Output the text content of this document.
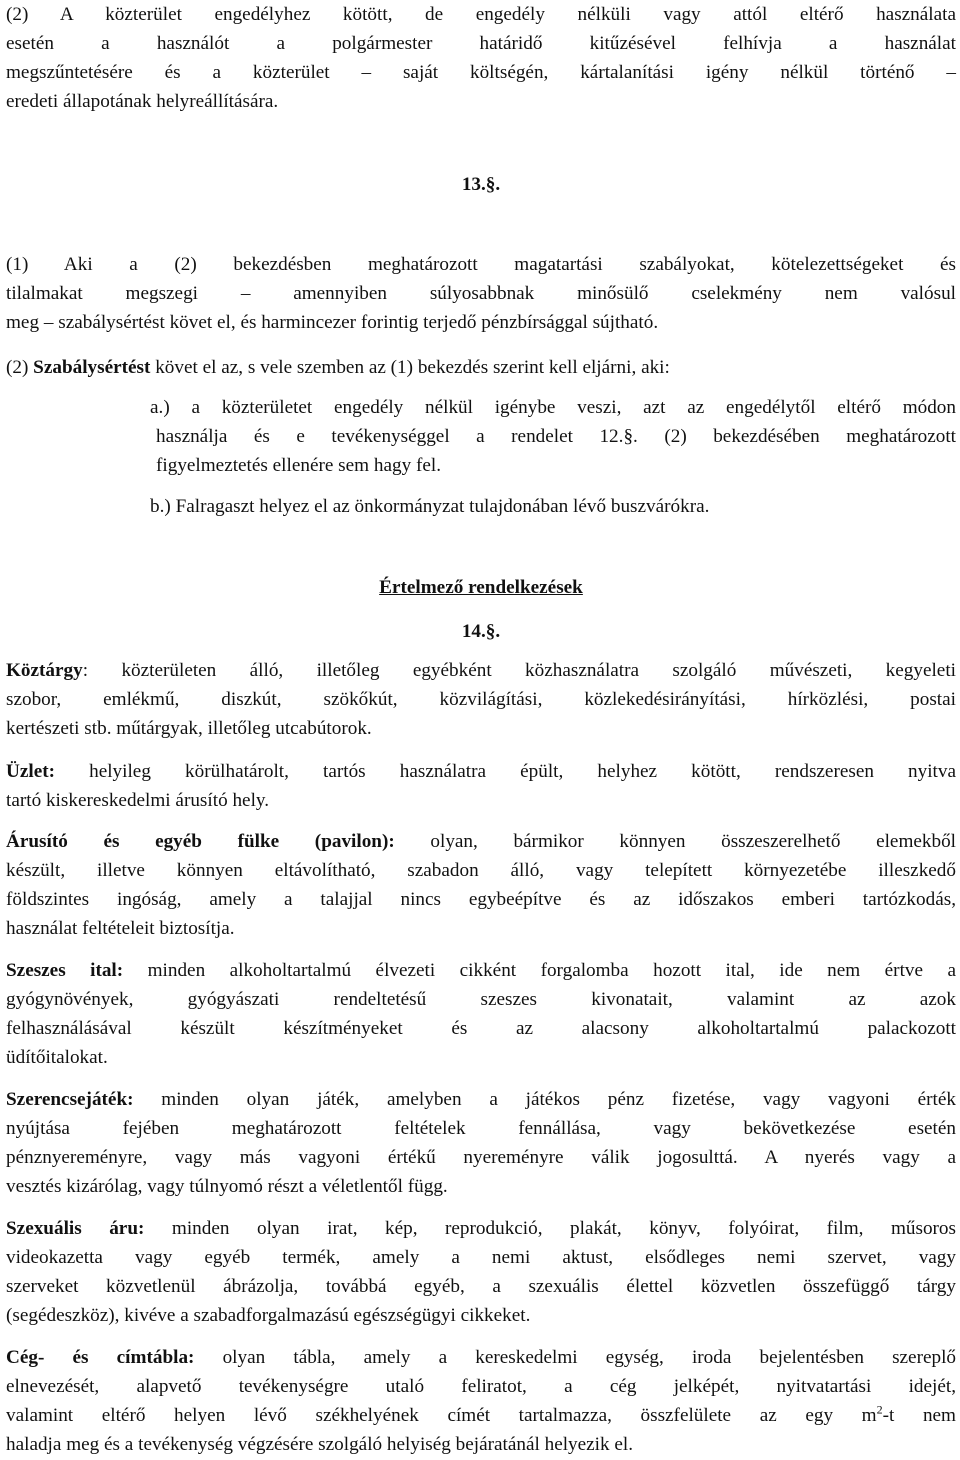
(2) A közterület engedélyhez kötött, de engedély nélküli vagy attól eltérő használata
esetén a használót a polgármester határidő kitűzésével felhívja a használat
megszűntetésére és a közterület – saját költségén, kártalanítási igény nélkül történő –
eredeti állapotának helyreállítására.
13.§.
(1) Aki a (2) bekezdésben meghatározott magatartási szabályokat, kötelezettségeket és
tilalmakat megszegi – amennyiben súlyosabbnak minősülő cselekmény nem valósul
meg – szabálysértést követ el, és harmincezer forintig terjedő pénzbírsággal sújtható.
(2) Szabálysértést követ el az, s vele szemben az (1) bekezdés szerint kell eljárni, aki:
a.) a közterületet engedély nélkül igénybe veszi, azt az engedélytől eltérő módon
használja és e tevékenységgel a rendelet 12.§. (2) bekezdésében meghatározott
figyelmeztetés ellenére sem hagy fel.
b.) Falragaszt helyez el az önkormányzat tulajdonában lévő buszvárókra.
Értelmező rendelkezések
14.§.
Köztárgy: közterületen álló, illetőleg egyébként közhasználatra szolgáló művészeti, kegyeleti
szobor, emlékmű, diszkút, szökőkút, közvilágítási, közlekedésirányítási, hírközlési, postai
kertészeti stb. műtárgyak, illetőleg utcabútorok.
Üzlet: helyileg körülhatárolt, tartós használatra épült, helyhez kötött, rendszeresen nyitva
tartó kiskereskedelmi árusító hely.
Árusító és egyéb fülke (pavilon): olyan, bármikor könnyen összeszerelhető elemekből
készült, illetve könnyen eltávolítható, szabadon álló, vagy telepített környezetébe illeszkedő
földszintes ingóság, amely a talajjal nincs egybeépítve és az időszakos emberi tartózkodás,
használat feltételeit biztosítja.
Szeszes ital: minden alkoholtartalmú élvezeti cikként forgalomba hozott ital, ide nem értve a
gyógynövények, gyógyászati rendeltetésű szeszes kivonatait, valamint az azok
felhasználásával készült készítményeket és az alacsony alkoholtartalmú palackozott
üdítőitalokat.
Szerencsejáték: minden olyan játék, amelyben a játékos pénz fizetése, vagy vagyoni érték
nyújtása fejében meghatározott feltételek fennállása, vagy bekövetkezése esetén
pénznyereményre, vagy más vagyoni értékű nyereményre válik jogosulttá. A nyerés vagy a
vesztés kizárólag, vagy túlnyomó részt a véletlentől függ.
Szexuális áru: minden olyan irat, kép, reprodukció, plakát, könyv, folyóirat, film, műsoros
videokazetta vagy egyéb termék, amely a nemi aktust, elsődleges nemi szervet, vagy
szerveket közvetlenül ábrázolja, továbbá egyéb, a szexuális élettel közvetlen összefüggő tárgy
(segédeszköz), kivéve a szabadforgalmazású egészségügyi cikkeket.
Cég- és címtábla: olyan tábla, amely a kereskedelmi egység, iroda bejelentésben szereplő
elnevezését, alapvető tevékenységre utaló feliratot, a cég jelképét, nyitvatartási idejét,
valamint eltérő helyen lévő székhelyének címét tartalmazza, összfelülete az egy $m^2-t$ nem
haladja meg és a tevékenység végzésére szolgáló helyiség bejáratánál helyezik el.
